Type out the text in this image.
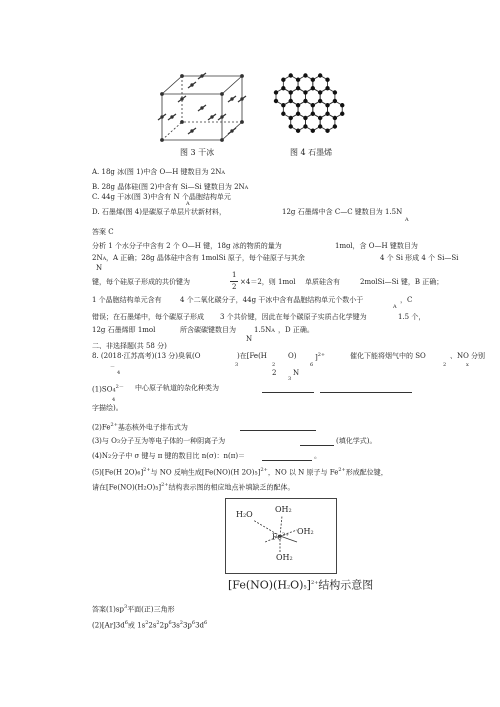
图 3 干冰	图 4 石墨烯
A. 18g 冰(图 1)中含 O—H 键数目为 2NA
B. 28g 晶体硅(图 2)中含有 Si—Si 键数目为 2NA
C. 44g 干冰(图 3)中含有 N 个晶胞结构单元
A
D. 石墨烯(图 4)是碳原子单层片状新材料，	12g 石墨烯中含 C—C 键数目为 1.5N
A
答案 C
分析 1 个水分子中含有 2 个 O—H 键，18g 冰的物质的量为	1mol，含 O—H 键数目为
2NA ，A 正确；28g 晶体硅中含有 1molSi 原子，每个硅原子与其余	4 个 Si 形成 4 个 Si—Si
N
键，每个硅原子形成的共价键为
1
2
×4＝2，则 1mol 单质硅含有	2molSi—Si 键，B 正确；
1 个晶胞结构单元含有	4 个二氧化碳分子，44g 干冰中含有晶胞结构单元个数小于	，C
A
错误；在石墨烯中，每个碳原子形成 3 个共价键，因此在每个碳原子实质占化学键为	1.5 个，
12g 石墨烯即 1mol	所含碳碳键数目为	1.5NA ，D 正确。
N
二、非选择题(共 58 分)
8. (2018·江苏高考)(13 分)臭氧(O	)在[Fe(H	O)	]$^{2+}$	催化下能将烟气中的 SO	、NO 分别
3	2	6	2	x
2 N
4
－
3
4
$(1)SO4^{2-}$ 中心原子轨道的杂化种类为
字描绘)。
$(2)Fe^{2+}$基态核外电子排布式为
(3)与 O3分子互为等电子体的一种阴离子为	(填化学式)。
(4)N2分子中 σ 键与 π 键的数目比 n(σ)：n(π)＝	。
(5)[Fe(H 2O)6]$^{2+}$与 NO 反响生成[Fe(NO)(H 2O)5]$^{2+}$，NO 以 N 原子与 $Fe^{2+}$形成配位键，
请在$[Fe(NO)(H2O)5]^{2+}$结构表示图的相应地点补填缺乏的配体。
OH2
H2O
OH2
OH2
$Fe^{2+}$
$[Fe(NO)(H2O)5]^{2+}$结构示意图
答案$(1)sp^3$平面(正)三角形
$(2)[Ar]3d^6$或 $1s^22s^22p^63s^23p^63d^6$
